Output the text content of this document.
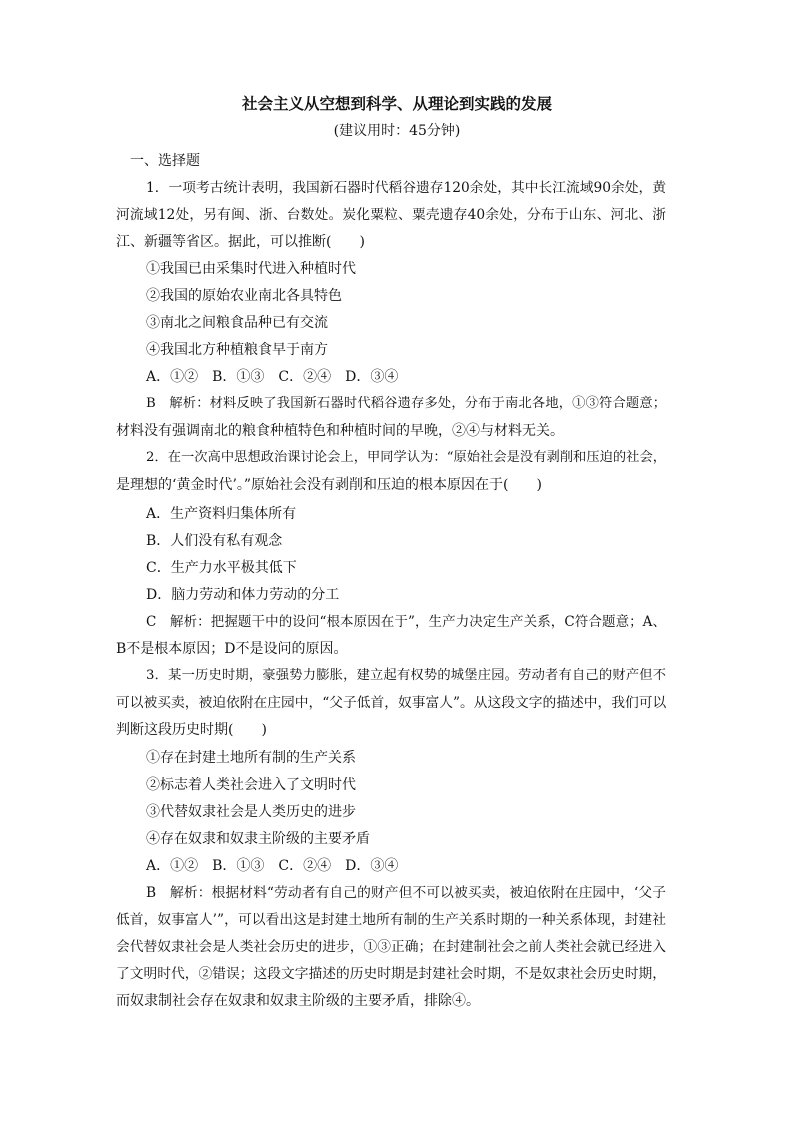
社会主义从空想到科学、从理论到实践的发展
(建议用时：45分钟)
一、选择题
1．一项考古统计表明，我国新石器时代稻谷遗存120余处，其中长江流域90余处，黄
河流域12处，另有闽、浙、台数处。炭化粟粒、粟壳遗存40余处，分布于山东、河北、浙
江、新疆等省区。据此，可以推断(　　)
①我国已由采集时代进入种植时代
②我国的原始农业南北各具特色
③南北之间粮食品种已有交流
④我国北方种植粮食早于南方
A．①②　B．①③　C．②④　D．③④
B　解析：材料反映了我国新石器时代稻谷遗存多处，分布于南北各地，①③符合题意；
材料没有强调南北的粮食种植特色和种植时间的早晚，②④与材料无关。
2．在一次高中思想政治课讨论会上，甲同学认为：“原始社会是没有剥削和压迫的社会，
是理想的‘黄金时代’。”原始社会没有剥削和压迫的根本原因在于(　　)
A．生产资料归集体所有
B．人们没有私有观念
C．生产力水平极其低下
D．脑力劳动和体力劳动的分工
C　解析：把握题干中的设问“根本原因在于”，生产力决定生产关系，C符合题意；A、
B不是根本原因；D不是设问的原因。
3．某一历史时期，豪强势力膨胀，建立起有权势的城堡庄园。劳动者有自己的财产但不
可以被买卖，被迫依附在庄园中，“父子低首，奴事富人”。从这段文字的描述中，我们可以
判断这段历史时期(　　)
①存在封建土地所有制的生产关系
②标志着人类社会进入了文明时代
③代替奴隶社会是人类历史的进步
④存在奴隶和奴隶主阶级的主要矛盾
A．①②　B．①③　C．②④　D．③④
B　解析：根据材料“劳动者有自己的财产但不可以被买卖，被迫依附在庄园中，‘父子
低首，奴事富人’”，可以看出这是封建土地所有制的生产关系时期的一种关系体现，封建社
会代替奴隶社会是人类社会历史的进步，①③正确；在封建制社会之前人类社会就已经进入
了文明时代，②错误；这段文字描述的历史时期是封建社会时期，不是奴隶社会历史时期，
而奴隶制社会存在奴隶和奴隶主阶级的主要矛盾，排除④。
